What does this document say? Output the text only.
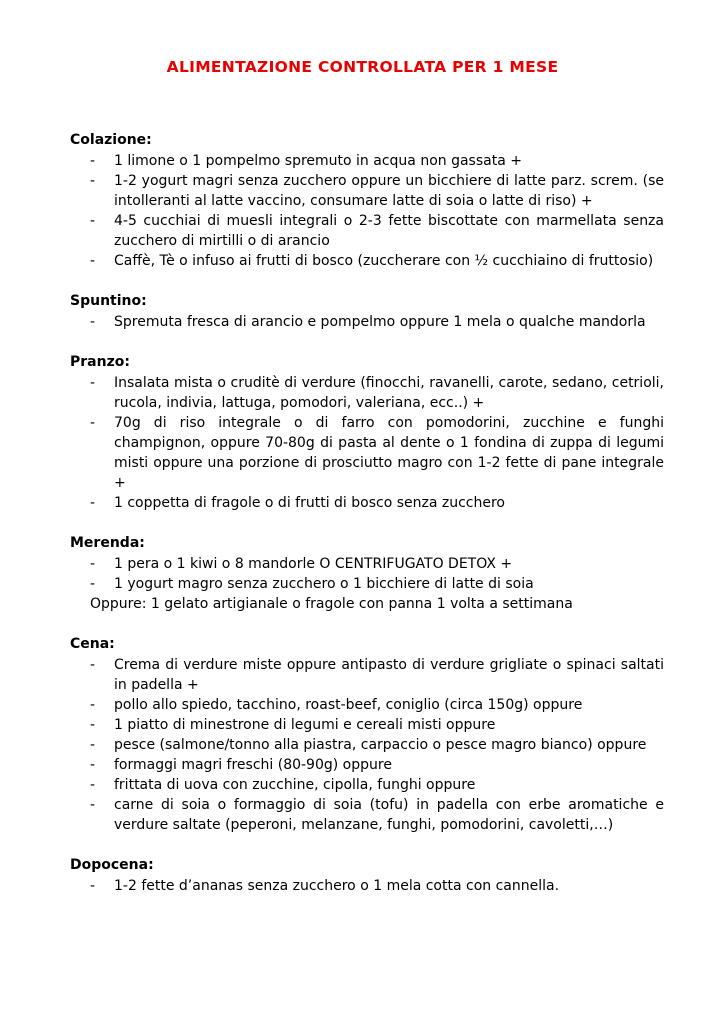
ALIMENTAZIONE CONTROLLATA PER 1 MESE
Colazione:
- 1 limone o 1 pompelmo spremuto in acqua non gassata +
- 1-2 yogurt magri senza zucchero oppure un bicchiere di latte parz. screm. (se intolleranti al latte vaccino, consumare latte di soia o latte di riso) +
- 4-5 cucchiai di muesli integrali o 2-3 fette biscottate con marmellata senza zucchero di mirtilli o di arancio
- Caffè, Tè o infuso ai frutti di bosco (zuccherare con ½ cucchiaino di fruttosio)
Spuntino:
- Spremuta fresca di arancio e pompelmo oppure 1 mela o qualche mandorla
Pranzo:
- Insalata mista o cruditè di verdure (finocchi, ravanelli, carote, sedano, cetrioli, rucola, indivia, lattuga, pomodori, valeriana, ecc..) +
- 70g di riso integrale o di farro con pomodorini, zucchine e funghi champignon, oppure 70-80g di pasta al dente o 1 fondina di zuppa di legumi misti oppure una porzione di prosciutto magro con 1-2 fette di pane integrale +
- 1 coppetta di fragole o di frutti di bosco senza zucchero
Merenda:
- 1 pera o 1 kiwi o 8 mandorle O CENTRIFUGATO DETOX +
- 1 yogurt magro senza zucchero o 1 bicchiere di latte di soia
Oppure: 1 gelato artigianale o fragole con panna 1 volta a settimana
Cena:
- Crema di verdure miste oppure antipasto di verdure grigliate o spinaci saltati in padella +
- pollo allo spiedo, tacchino, roast-beef, coniglio (circa 150g) oppure
- 1 piatto di minestrone di legumi e cereali misti oppure
- pesce (salmone/tonno alla piastra, carpaccio o pesce magro bianco) oppure
- formaggi magri freschi (80-90g) oppure
- frittata di uova con zucchine, cipolla, funghi oppure
- carne di soia o formaggio di soia (tofu) in padella con erbe aromatiche e verdure saltate (peperoni, melanzane, funghi, pomodorini, cavoletti,…)
Dopocena:
- 1-2 fette d’ananas senza zucchero o 1 mela cotta con cannella.
